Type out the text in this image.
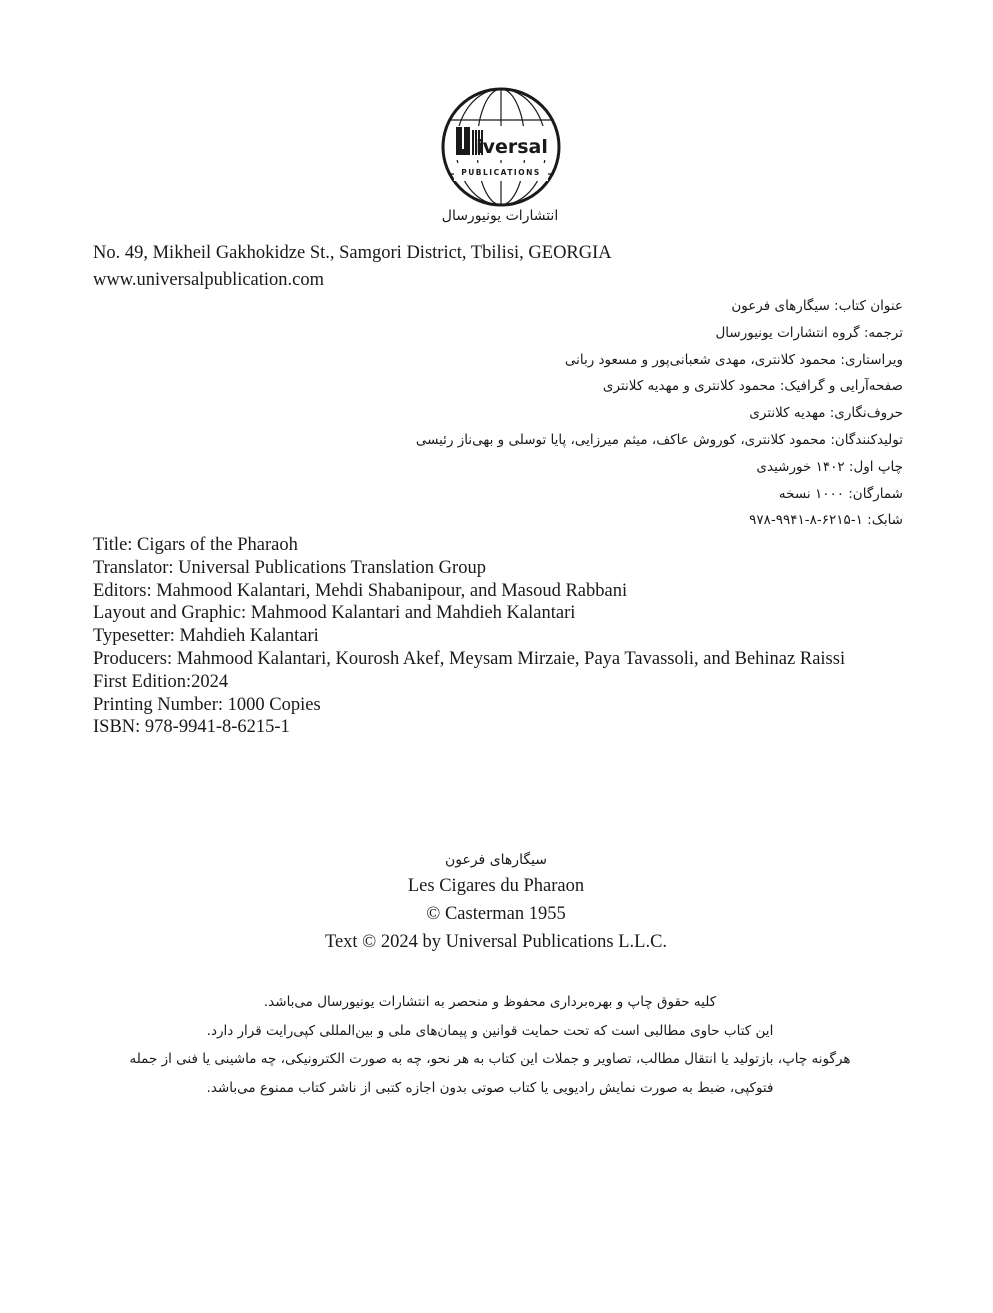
iversal
PUBLICATIONS
انتشارات یونیورسال
No. 49, Mikheil Gakhokidze St., Samgori District, Tbilisi, GEORGIA
www.universalpublication.com
عنوان کتاب: سیگارهای فرعون
ترجمه: گروه انتشارات یونیورسال
ویراستاری: محمود کلانتری، مهدی شعبانی‌پور و مسعود ربانی
صفحه‌آرایی و گرافیک: محمود کلانتری و مهدیه کلانتری
حروف‌نگاری: مهدیه کلانتری
تولیدکنندگان: محمود کلانتری، کوروش عاکف، میثم میرزایی، پایا توسلی و بهی‌ناز رئیسی
چاپ اول: ۱۴۰۲ خورشیدی
شمارگان: ۱۰۰۰ نسخه
شابک: ۱-۶۲۱۵-۸-۹۹۴۱-۹۷۸
Title: Cigars of the Pharaoh
Translator: Universal Publications Translation Group
Editors: Mahmood Kalantari, Mehdi Shabanipour, and Masoud Rabbani
Layout and Graphic: Mahmood Kalantari and Mahdieh Kalantari
Typesetter: Mahdieh Kalantari
Producers: Mahmood Kalantari, Kourosh Akef, Meysam Mirzaie, Paya Tavassoli, and Behinaz Raissi
First Edition:2024
Printing Number: 1000 Copies
ISBN: 978-9941-8-6215-1
سیگارهای فرعون
Les Cigares du Pharaon
© Casterman 1955
Text © 2024 by Universal Publications L.L.C.
کلیه حقوق چاپ و بهره‌برداری محفوظ و منحصر به انتشارات یونیورسال می‌باشد.
این کتاب حاوی مطالبی است که تحت حمایت قوانین و پیمان‌های ملی و بین‌المللی کپی‌رایت قرار دارد.
هرگونه چاپ، بازتولید یا انتقال مطالب، تصاویر و جملات این کتاب به هر نحو، چه به صورت الکترونیکی، چه ماشینی یا فنی از جمله
فتوکپی، ضبط به صورت نمایش رادیویی یا کتاب صوتی بدون اجازه کتبی از ناشر کتاب ممنوع می‌باشد.
